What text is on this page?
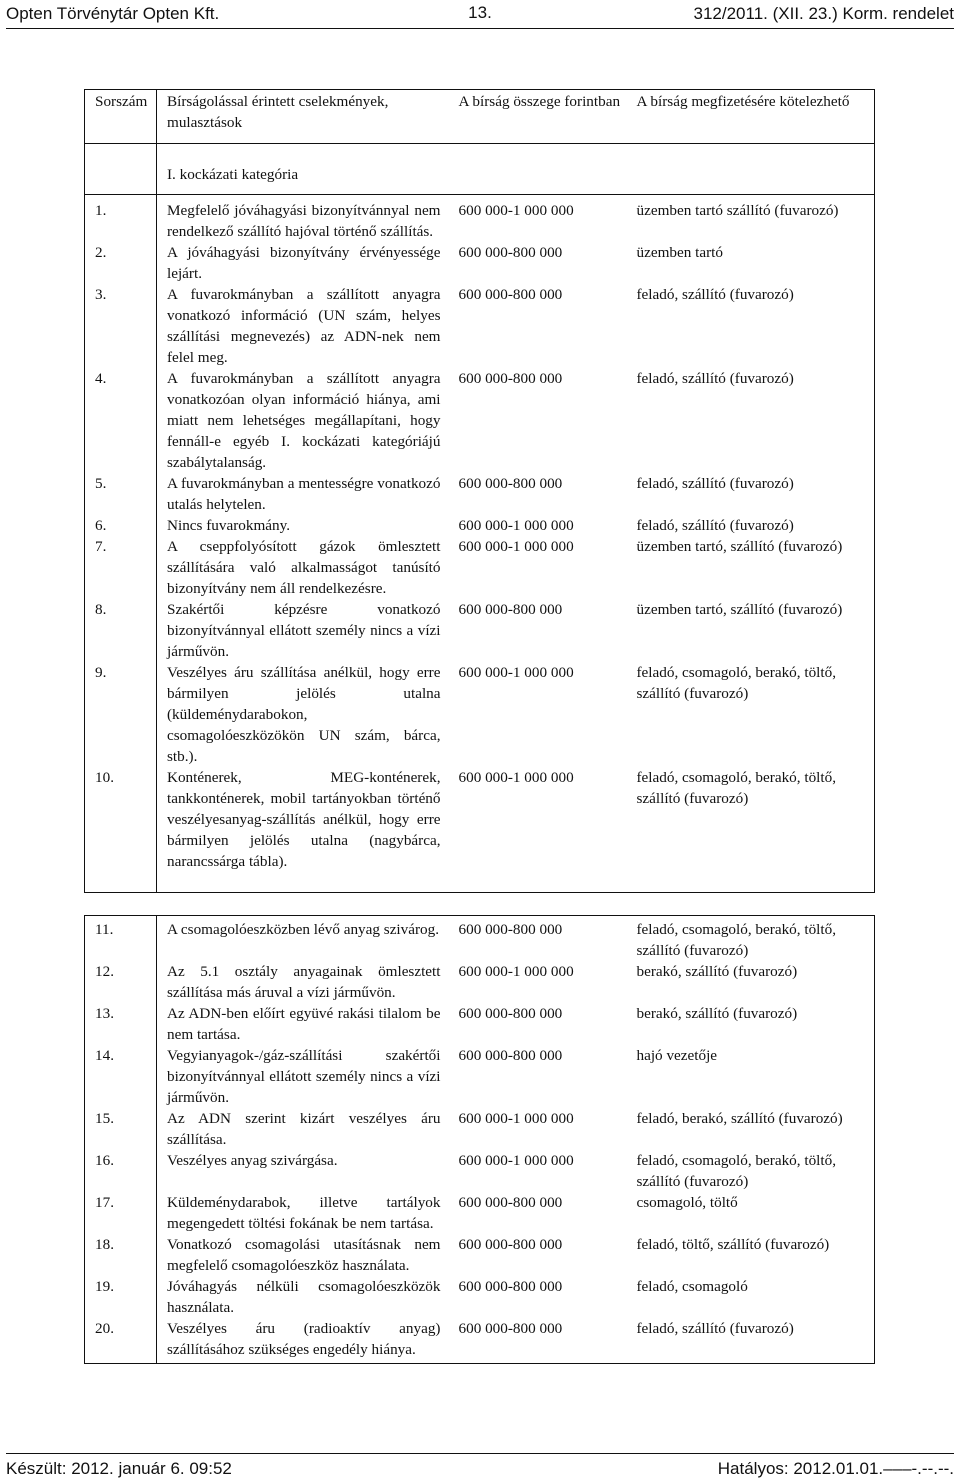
Opten Törvénytár Opten Kft.	13.	312/2011. (XII. 23.) Korm. rendelet
Sorszám	Bírságolással érintett cselekmények, mulasztások	A bírság összege forintban	A bírság megfizetésére kötelezhető
	I. kockázati kategória		
1.	Megfelelő jóváhagyási bizonyítvánnyal nem rendelkező szállító hajóval történő szállítás.	600 000-1 000 000	üzemben tartó szállító (fuvarozó)
2.	A jóváhagyási bizonyítvány érvényessége lejárt.	600 000-800 000	üzemben tartó
3.	A fuvarokmányban a szállított anyagra vonatkozó információ (UN szám, helyes szállítási megnevezés) az ADN-nek nem felel meg.	600 000-800 000	feladó, szállító (fuvarozó)
4.	A fuvarokmányban a szállított anyagra vonatkozóan olyan információ hiánya, ami miatt nem lehetséges megállapítani, hogy fennáll-e egyéb I. kockázati kategóriájú szabálytalanság.	600 000-800 000	feladó, szállító (fuvarozó)
5.	A fuvarokmányban a mentességre vonatkozó utalás helytelen.	600 000-800 000	feladó, szállító (fuvarozó)
6.	Nincs fuvarokmány.	600 000-1 000 000	feladó, szállító (fuvarozó)
7.	A cseppfolyósított gázok ömlesztett szállítására való alkalmasságot tanúsító bizonyítvány nem áll rendelkezésre.	600 000-1 000 000	üzemben tartó, szállító (fuvarozó)
8.	Szakértői képzésre vonatkozó bizonyítvánnyal ellátott személy nincs a vízi járművön.	600 000-800 000	üzemben tartó, szállító (fuvarozó)
9.	Veszélyes áru szállítása anélkül, hogy erre bármilyen jelölés utalna (küldeménydarabokon, csomagolóeszközökön UN szám, bárca, stb.).	600 000-1 000 000	feladó, csomagoló, berakó, töltő, szállító (fuvarozó)
10.	Konténerek, MEG-konténerek, tankkonténerek, mobil tartányokban történő veszélyesanyag-szállítás anélkül, hogy erre bármilyen jelölés utalna (nagybárca, narancssárga tábla).	600 000-1 000 000	feladó, csomagoló, berakó, töltő, szállító (fuvarozó)
11.	A csomagolóeszközben lévő anyag szivárog.	600 000-800 000	feladó, csomagoló, berakó, töltő, szállító (fuvarozó)
12.	Az 5.1 osztály anyagainak ömlesztett szállítása más áruval a vízi járművön.	600 000-1 000 000	berakó, szállító (fuvarozó)
13.	Az ADN-ben előírt együvé rakási tilalom be nem tartása.	600 000-800 000	berakó, szállító (fuvarozó)
14.	Vegyianyagok-/gáz-szállítási szakértői bizonyítvánnyal ellátott személy nincs a vízi járművön.	600 000-800 000	hajó vezetője
15.	Az ADN szerint kizárt veszélyes áru szállítása.	600 000-1 000 000	feladó, berakó, szállító (fuvarozó)
16.	Veszélyes anyag szivárgása.	600 000-1 000 000	feladó, csomagoló, berakó, töltő, szállító (fuvarozó)
17.	Küldeménydarabok, illetve tartályok megengedett töltési fokának be nem tartása.	600 000-800 000	csomagoló, töltő
18.	Vonatkozó csomagolási utasításnak nem megfelelő csomagolóeszköz használata.	600 000-800 000	feladó, töltő, szállító (fuvarozó)
19.	Jóváhagyás nélküli csomagolóeszközök használata.	600 000-800 000	feladó, csomagoló
20.	Veszélyes áru (radioaktív anyag) szállításához szükséges engedély hiánya.	600 000-800 000	feladó, szállító (fuvarozó)
Készült: 2012. január 6. 09:52	Hatályos: 2012.01.01.–––-.--.--.
